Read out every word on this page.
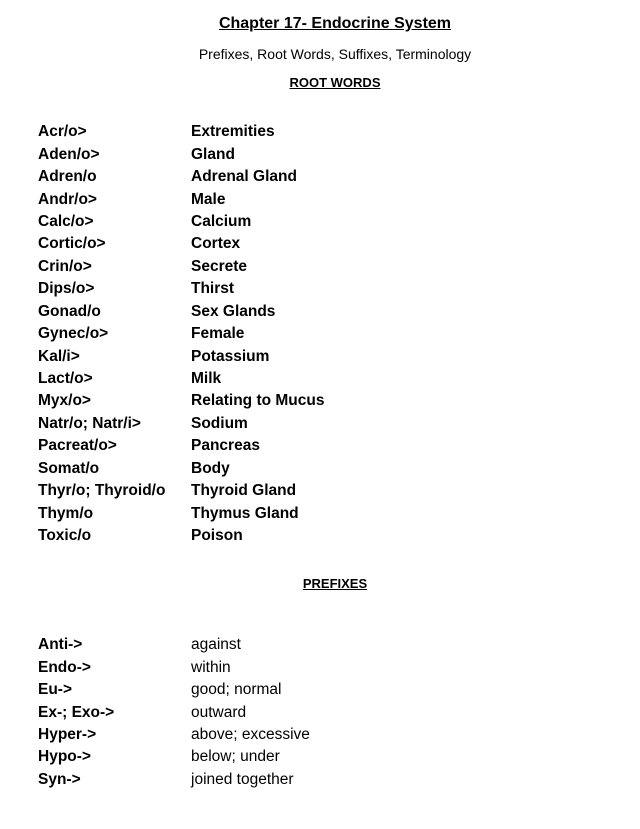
Chapter 17- Endocrine System

Prefixes, Root Words, Suffixes, Terminology

ROOT WORDS
Acr/o>	Extremities
Aden/o>	Gland
Adren/o	Adrenal Gland
Andr/o>	Male
Calc/o>	Calcium
Cortic/o>	Cortex
Crin/o>	Secrete
Dips/o>	Thirst
Gonad/o	Sex Glands
Gynec/o>	Female
Kal/i>	Potassium
Lact/o>	Milk
Myx/o>	Relating to Mucus
Natr/o; Natr/i>	Sodium
Pacreat/o>	Pancreas
Somat/o	Body
Thyr/o; Thyroid/o	Thyroid Gland
Thym/o	Thymus Gland
Toxic/o	Poison
PREFIXES
Anti->	against
Endo->	within
Eu->	good; normal
Ex-; Exo->	outward
Hyper->	above; excessive
Hypo->	below; under
Syn->	joined together
